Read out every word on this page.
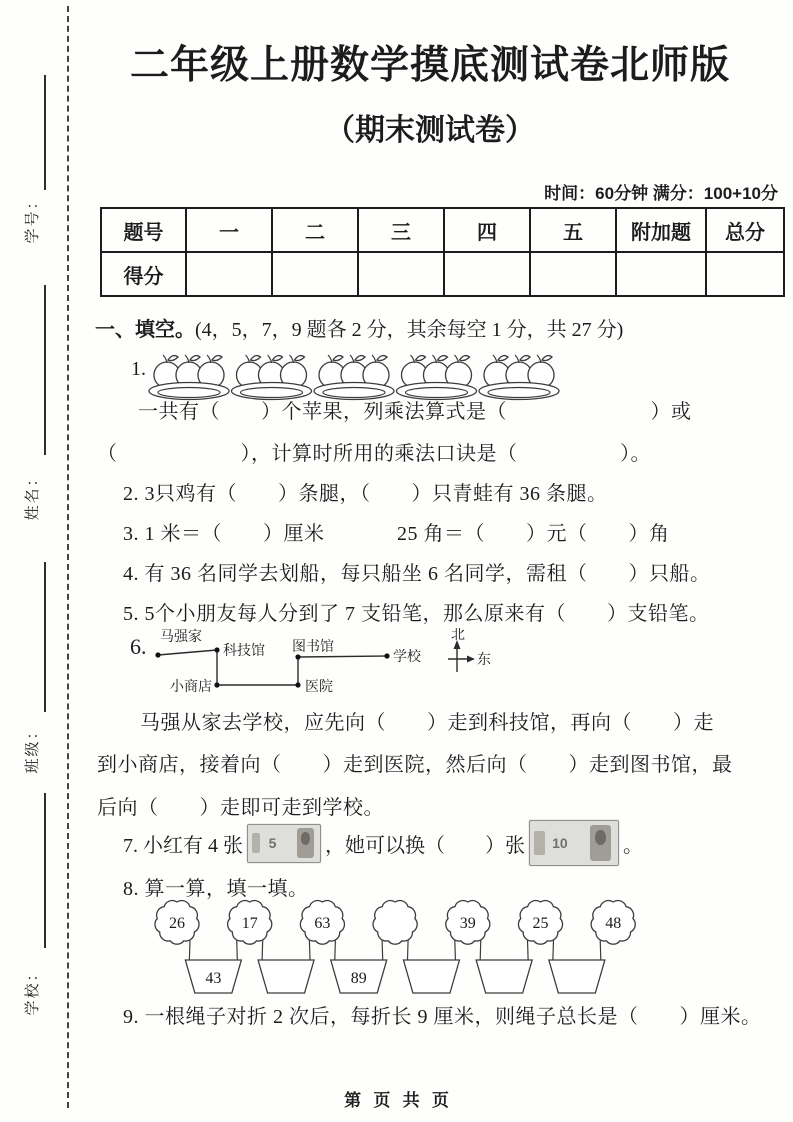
学号：
姓名：
班级：
学校：
二年级上册数学摸底测试卷北师版
（期末测试卷）
时间：60分钟 满分：100+10分
题号	一	二	三	四	五	附加题	总分
得分							
一、填空。(4，5，7，9 题各 2 分，其余每空 1 分，共 27 分)
1.
一共有（　　）个苹果，列乘法算式是（　　　　　　　）或
（　　　　　　），计算时所用的乘法口诀是（　　　　　）。
2. 3只鸡有（　　）条腿，（　　）只青蛙有 36 条腿。
3. 1 米＝（　　）厘米	25 角＝（　　）元（　　）角
4. 有 36 名同学去划船，每只船坐 6 名同学，需租（　　）只船。
5. 5个小朋友每人分到了 7 支铅笔，那么原来有（　　）支铅笔。
6. 马强家
科技馆 图书馆
学校
小商店	医院
北
东
马强从家去学校，应先向（　　）走到科技馆，再向（　　）走
到小商店，接着向（　　）走到医院，然后向（　　）走到图书馆，最
后向（　　）走即可走到学校。
7. 小红有 4 张 5 ，她可以换（　　）张 10	。
8. 算一算，填一填。
26	17	63	39	25	48
43	89
9. 一根绳子对折 2 次后，每折长 9 厘米，则绳子总长是（　　）厘米。
第 页 共 页
